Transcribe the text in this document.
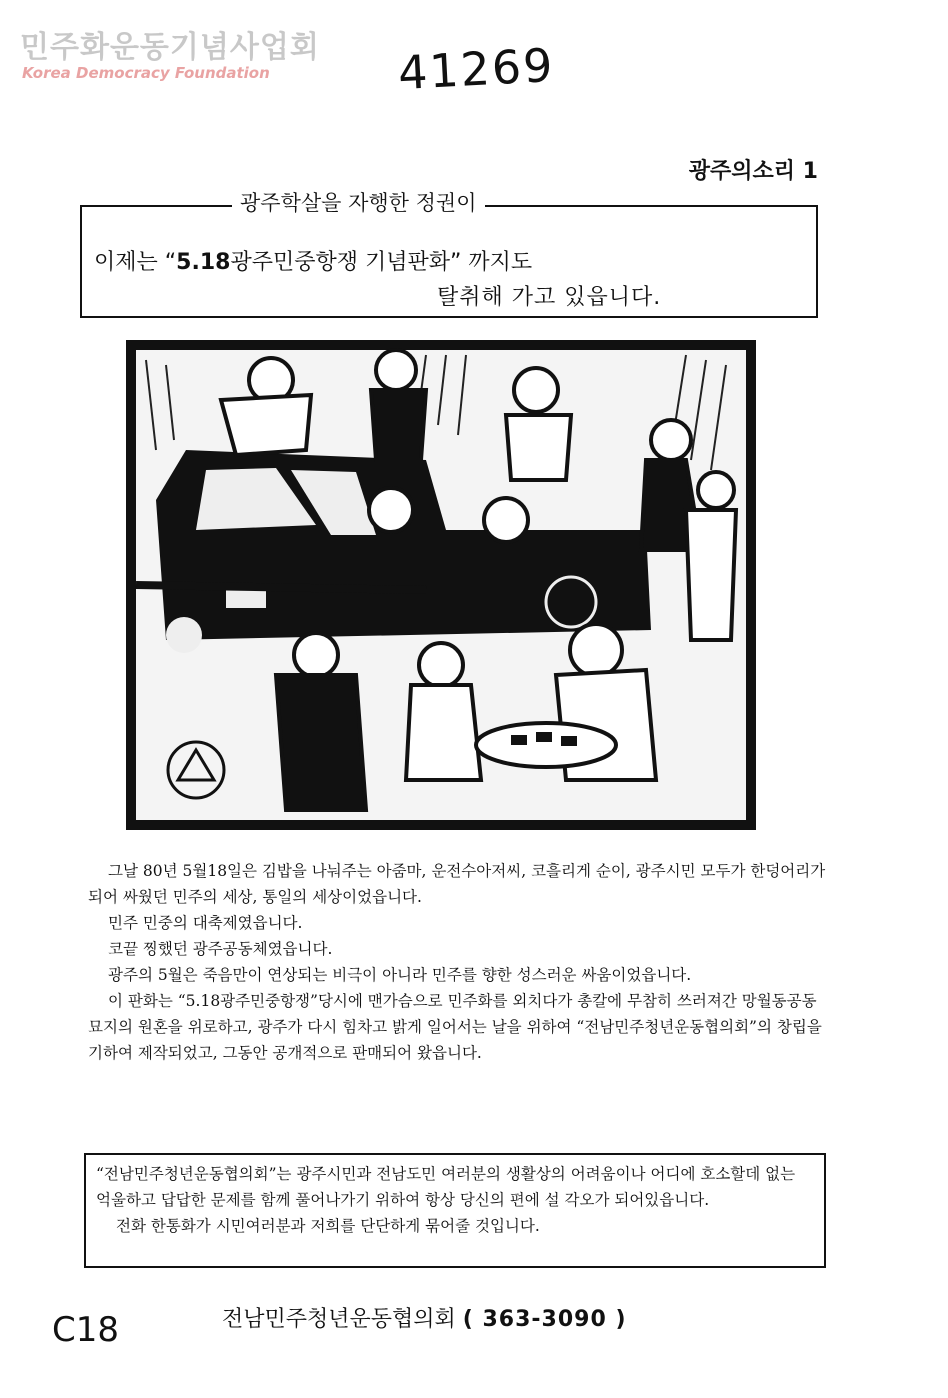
민주화운동기념사업회
Korea Democracy Foundation	41269
광주의소리 1
광주학살을 자행한 정권이
이제는 “5.18광주민중항쟁 기념판화” 까지도
탈취해 가고 있읍니다.

그날 80년 5월18일은 김밥을 나눠주는 아줌마, 운전수아저씨, 코흘리게 순이, 광주시민 모두가 한덩어리가 되어 싸웠던 민주의 세상, 통일의 세상이었읍니다.

민주 민중의 대축제였읍니다.

코끝 찡했던 광주공동체였읍니다.

광주의 5월은 죽음만이 연상되는 비극이 아니라 민주를 향한 성스러운 싸움이었읍니다.

이 판화는 “5.18광주민중항쟁”당시에 맨가슴으로 민주화를 외치다가 총칼에 무참히 쓰러져간 망월동공동묘지의 원혼을 위로하고, 광주가 다시 힘차고 밝게 일어서는 날을 위하여 “전남민주청년운동협의회”의 창립을 기하여 제작되었고, 그동안 공개적으로 판매되어 왔읍니다.

“전남민주청년운동협의회”는 광주시민과 전남도민 여러분의 생활상의 어려움이나 어디에 호소할데 없는 억울하고 답답한 문제를 함께 풀어나가기 위하여 항상 당신의 편에 설 각오가 되어있읍니다.

전화 한통화가 시민여러분과 저희를 단단하게 묶어줄 것입니다.

전남민주청년운동협의회 ( 363-3090 )
C18
